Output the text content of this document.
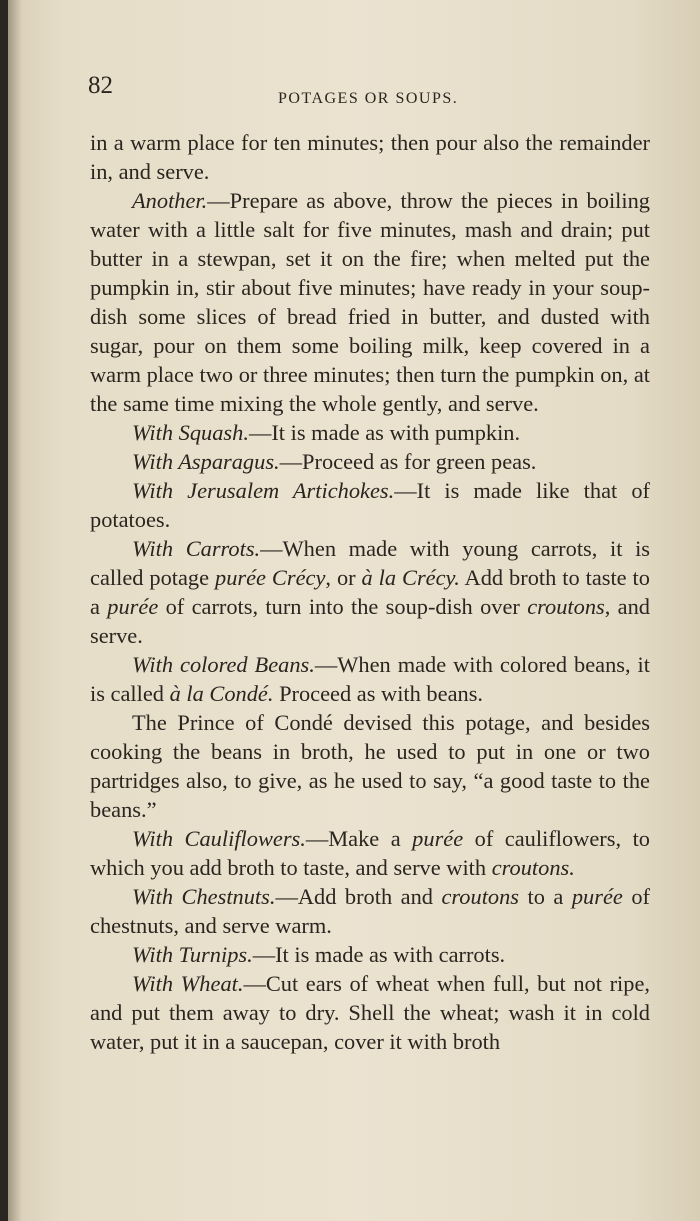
82	POTAGES OR SOUPS.

in a warm place for ten minutes; then pour also the remainder in, and serve.

Another.—Prepare as above, throw the pieces in boiling water with a little salt for five minutes, mash and drain; put butter in a stewpan, set it on the fire; when melted put the pumpkin in, stir about five minutes; have ready in your soup-dish some slices of bread fried in butter, and dusted with sugar, pour on them some boiling milk, keep covered in a warm place two or three minutes; then turn the pumpkin on, at the same time mixing the whole gently, and serve.

With Squash.—It is made as with pumpkin.

With Asparagus.—Proceed as for green peas.

With Jerusalem Artichokes.—It is made like that of potatoes.

With Carrots.—When made with young carrots, it is called potage purée Crécy, or à la Crécy. Add broth to taste to a purée of carrots, turn into the soup-dish over croutons, and serve.

With colored Beans.—When made with colored beans, it is called à la Condé. Proceed as with beans.

The Prince of Condé devised this potage, and besides cooking the beans in broth, he used to put in one or two partridges also, to give, as he used to say, “a good taste to the beans.”

With Cauliflowers.—Make a purée of cauliflowers, to which you add broth to taste, and serve with croutons.

With Chestnuts.—Add broth and croutons to a purée of chestnuts, and serve warm.

With Turnips.—It is made as with carrots.

With Wheat.—Cut ears of wheat when full, but not ripe, and put them away to dry. Shell the wheat; wash it in cold water, put it in a saucepan, cover it with broth
